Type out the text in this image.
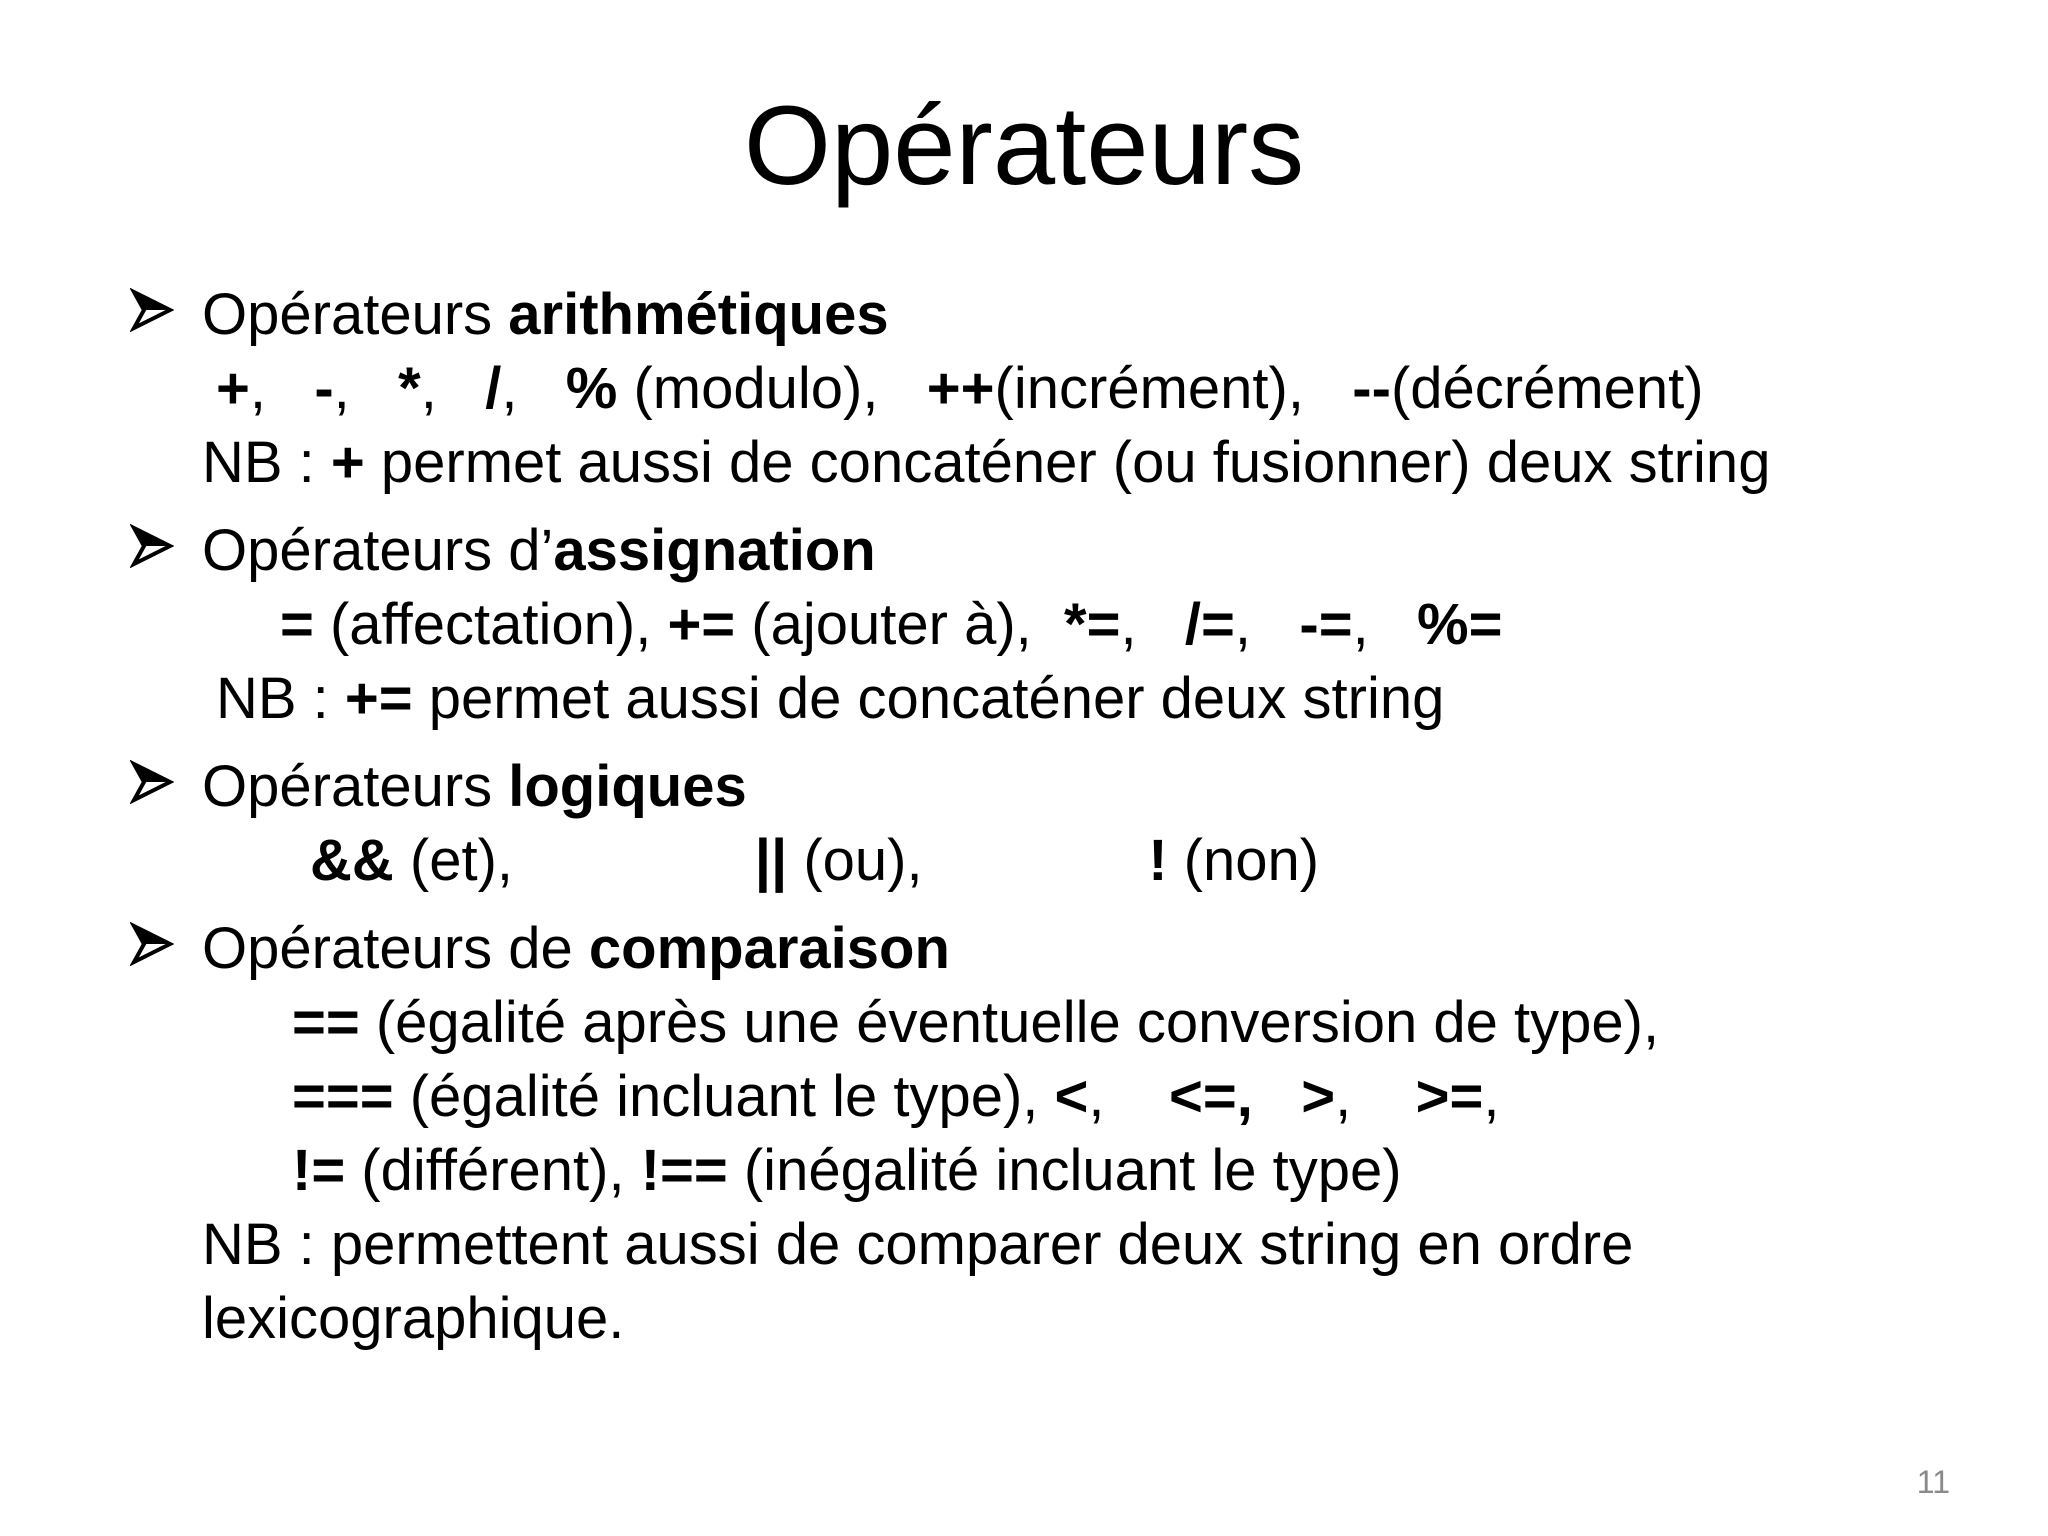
Opérateurs
Opérateurs arithmétiques
+,   -,   *,   /,   % (modulo),   ++(incrément),   --(décrément)
NB : + permet aussi de concaténer (ou fusionner) deux string
Opérateurs d’assignation
= (affectation), += (ajouter à),  *=,   /=,   -=,   %=
NB : += permet aussi de concaténer deux string
Opérateurs logiques
&& (et),               || (ou),              ! (non)
Opérateurs de comparaison
== (égalité après une éventuelle conversion de type),
=== (égalité incluant le type), <,    <=, >,    >=,
!= (différent), !== (inégalité incluant le type)
NB : permettent aussi de comparer deux string en ordre
lexicographique.
11
